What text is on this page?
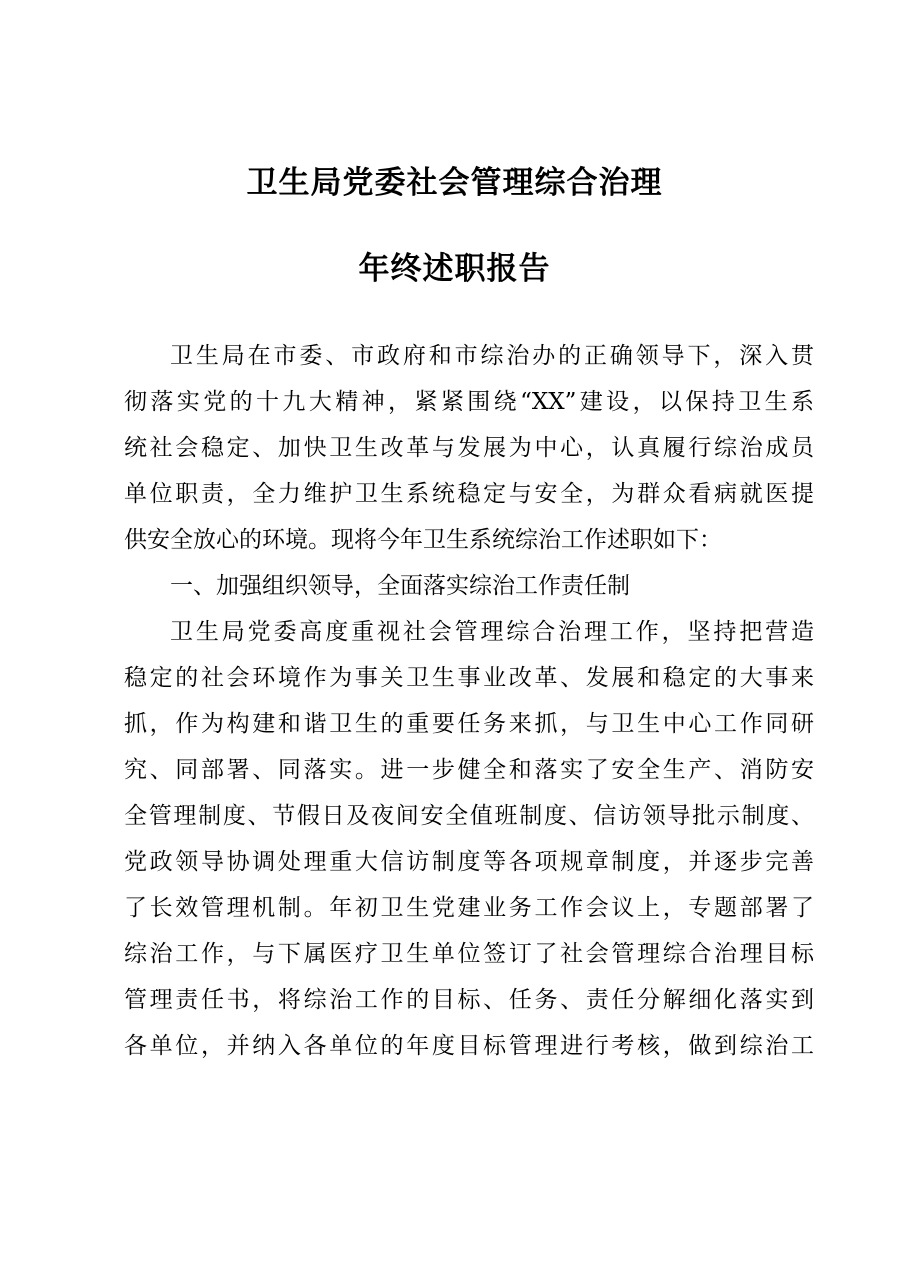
卫生局党委社会管理综合治理
年终述职报告
卫生局在市委、市政府和市综治办的正确领导下，深入贯
彻落实党的十九大精神，紧紧围绕“XX”建设，以保持卫生系
统社会稳定、加快卫生改革与发展为中心，认真履行综治成员
单位职责，全力维护卫生系统稳定与安全，为群众看病就医提
供安全放心的环境。现将今年卫生系统综治工作述职如下：
一、加强组织领导，全面落实综治工作责任制
卫生局党委高度重视社会管理综合治理工作，坚持把营造
稳定的社会环境作为事关卫生事业改革、发展和稳定的大事来
抓，作为构建和谐卫生的重要任务来抓，与卫生中心工作同研
究、同部署、同落实。进一步健全和落实了安全生产、消防安
全管理制度、节假日及夜间安全值班制度、信访领导批示制度、
党政领导协调处理重大信访制度等各项规章制度，并逐步完善
了长效管理机制。年初卫生党建业务工作会议上，专题部署了
综治工作，与下属医疗卫生单位签订了社会管理综合治理目标
管理责任书，将综治工作的目标、任务、责任分解细化落实到
各单位，并纳入各单位的年度目标管理进行考核，做到综治工
